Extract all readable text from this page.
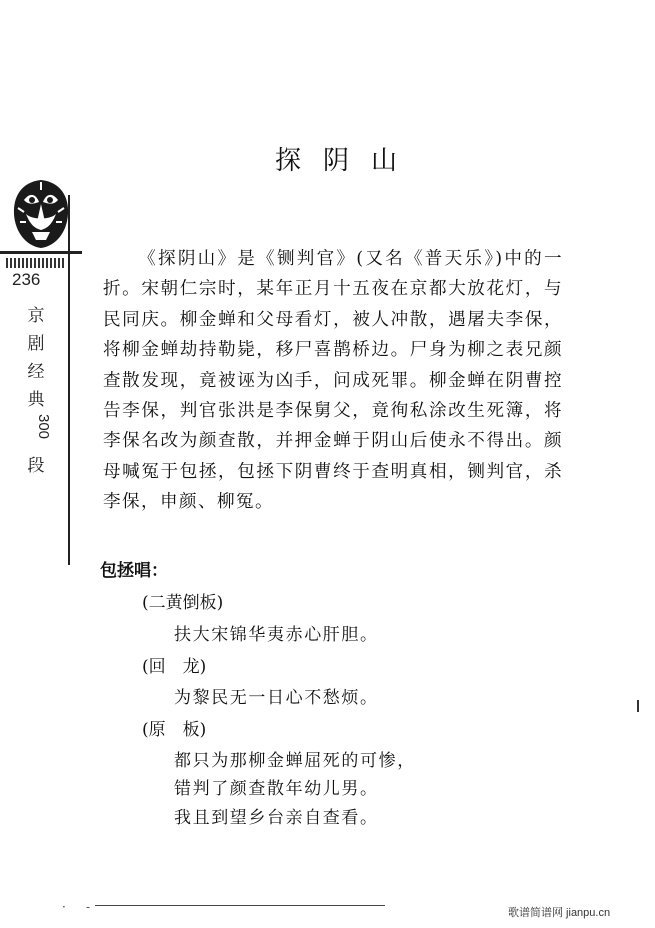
探阴山
236
京
剧
经
典
300
段

《探阴山》是《铡判官》(又名《普天乐》)中的一折。宋朝仁宗时，某年正月十五夜在京都大放花灯，与民同庆。柳金蝉和父母看灯，被人冲散，遇屠夫李保，将柳金蝉劫持勒毙，移尸喜鹊桥边。尸身为柳之表兄颜查散发现，竟被诬为凶手，问成死罪。柳金蝉在阴曹控告李保，判官张洪是李保舅父，竟徇私涂改生死簿，将李保名改为颜查散，并押金蝉于阴山后使永不得出。颜母喊冤于包拯，包拯下阴曹终于查明真相，铡判官，杀李保，申颜、柳冤。

包拯唱：
(二黄倒板)
扶大宋锦华夷赤心肝胆。
(回　龙)
为黎民无一日心不愁烦。
(原　板)
都只为那柳金蝉屈死的可惨，
错判了颜查散年幼儿男。
我且到望乡台亲自查看。
· -	歌谱简谱网 jianpu.cn
